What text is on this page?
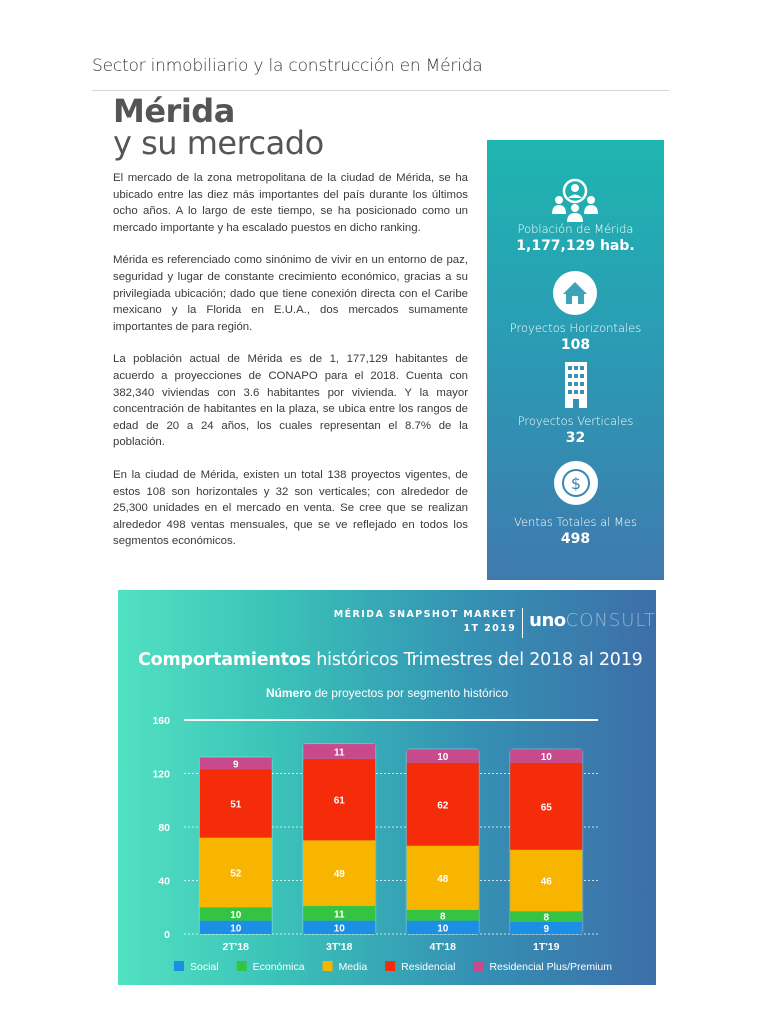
Sector inmobiliario y la construcción en Mérida
Mérida
y su mercado

El mercado de la zona metropolitana de la ciudad de Mérida, se ha ubicado entre las diez más importantes del país durante los últimos ocho años. A lo largo de este tiempo, se ha posicionado como un mercado importante y ha escalado puestos en dicho ranking.

Mérida es referenciado como sinónimo de vivir en un entorno de paz, seguridad y lugar de constante crecimiento económico, gracias a su privilegiada ubicación; dado que tiene conexión directa con el Caribe mexicano y la Florida en E.U.A., dos mercados sumamente importantes de para región.

La población actual de Mérida es de 1, 177,129 habitantes de acuerdo a proyecciones de CONAPO para el 2018. Cuenta con 382,340 viviendas con 3.6 habitantes por vivienda. Y la mayor concentración de habitantes en la plaza, se ubica entre los rangos de edad de 20 a 24 años, los cuales representan el 8.7% de la población.

En la ciudad de Mérida, existen un total 138 proyectos vigentes, de estos 108 son horizontales y 32 son verticales; con alrededor de 25,300 unidades en el mercado en venta. Se cree que se realizan alrededor 498 ventas mensuales, que se ve reflejado en todos los segmentos económicos.

Población de Mérida
1,177,129 hab.
Proyectos Horizontales
108
Proyectos Verticales
32
$
Ventas Totales al Mes
498
MÉRIDA SNAPSHOT MARKET
1T 2019 unoCONSULT
Comportamientos históricos Trimestres del 2018 al 2019
Número de proyectos por segmento histórico
0
40
80
120
160
10
10
52
51
9
2T'18
10
11
49
61
11
3T'18
10
8
48
62
10
4T'18
9
8
46
65
10
1T'19
Social	Económica	Media	Residencial	Residencial Plus/Premium
